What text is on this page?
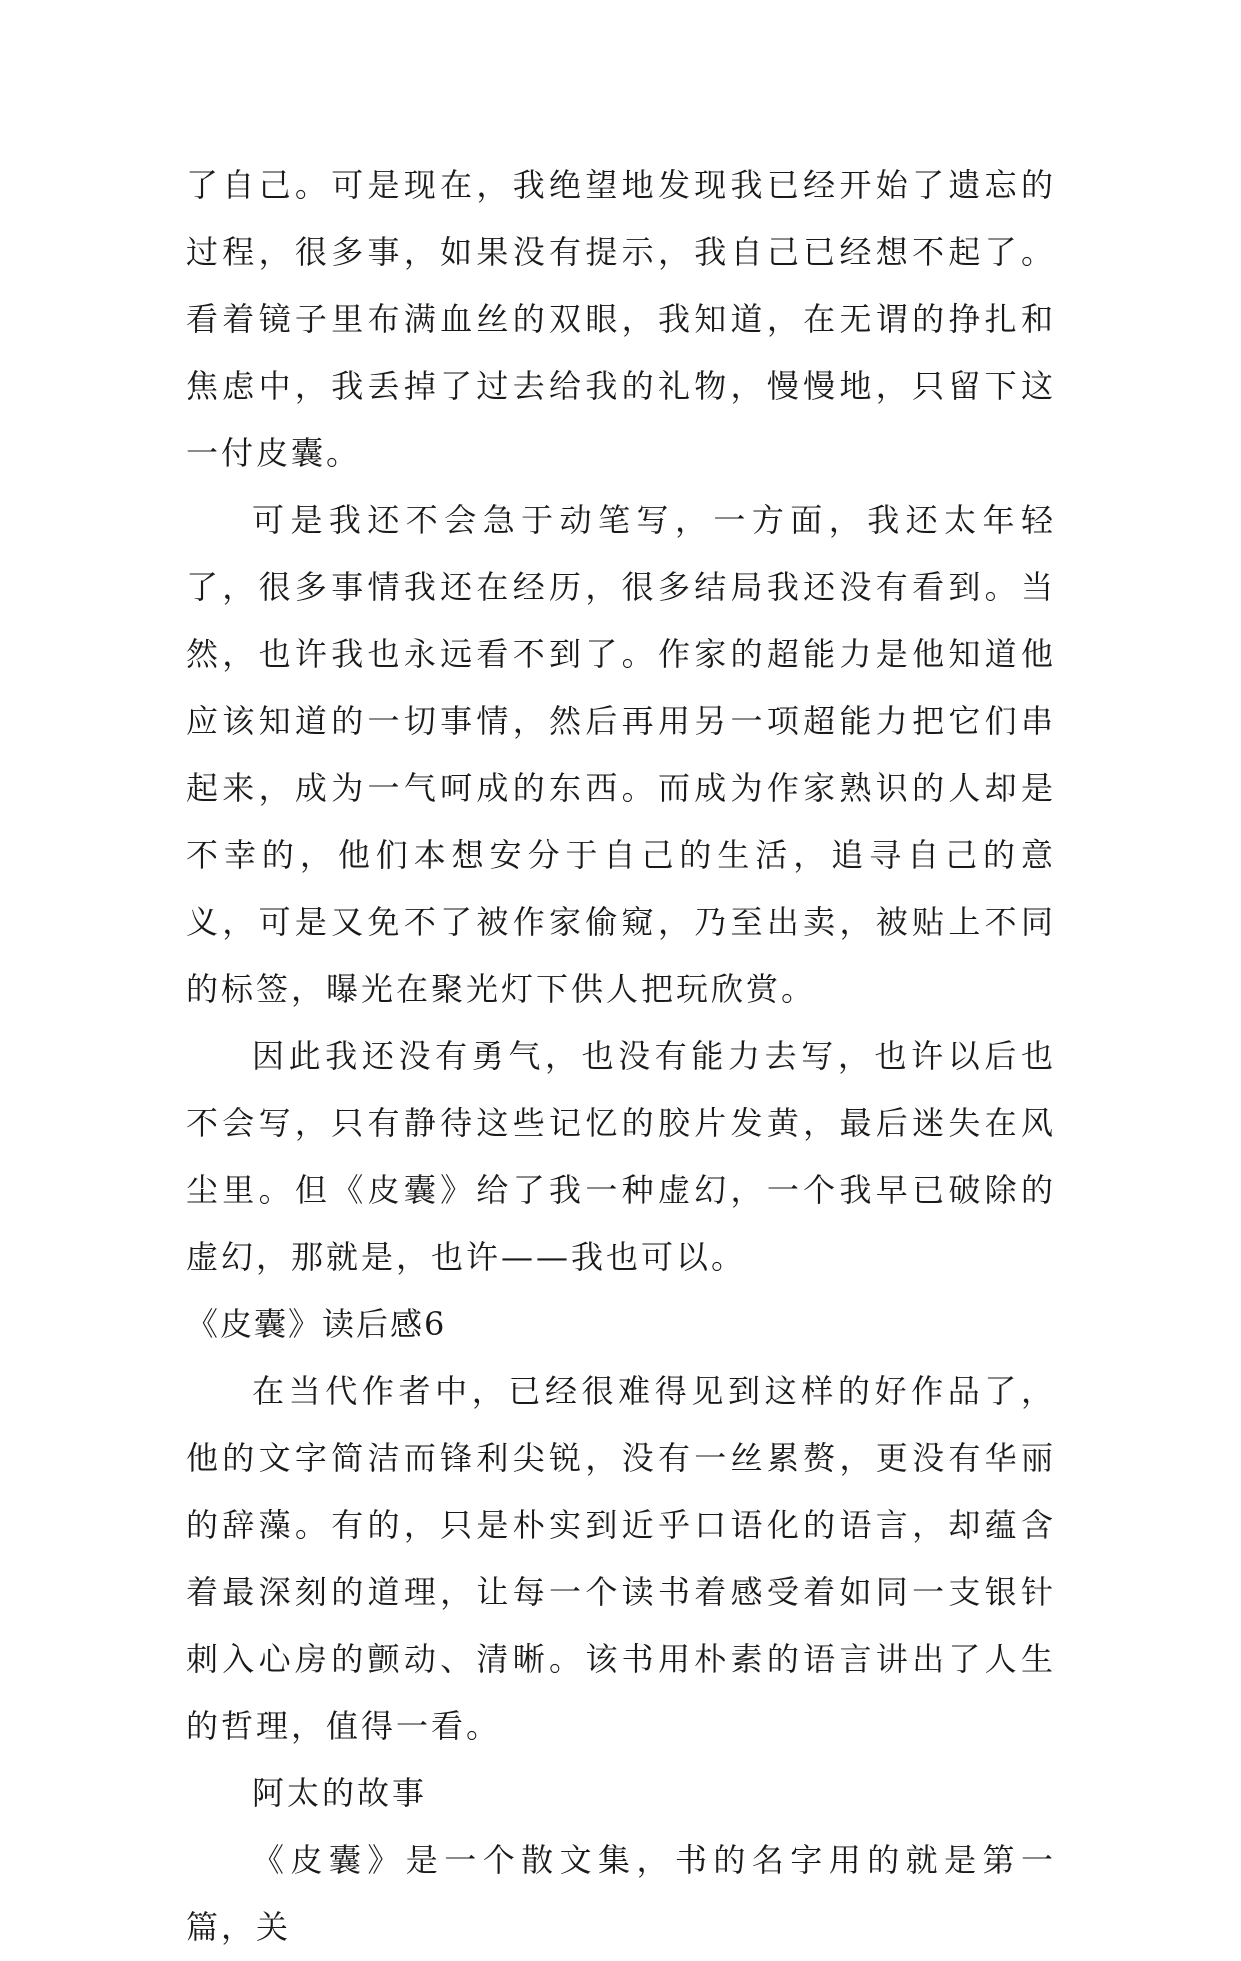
了自己。可是现在，我绝望地发现我已经开始了遗忘的过程，很多事，如果没有提示，我自己已经想不起了。看着镜子里布满血丝的双眼，我知道，在无谓的挣扎和焦虑中，我丢掉了过去给我的礼物，慢慢地，只留下这一付皮囊。

可是我还不会急于动笔写，一方面，我还太年轻了，很多事情我还在经历，很多结局我还没有看到。当然，也许我也永远看不到了。作家的超能力是他知道他应该知道的一切事情，然后再用另一项超能力把它们串起来，成为一气呵成的东西。而成为作家熟识的人却是不幸的，他们本想安分于自己的生活，追寻自己的意义，可是又免不了被作家偷窥，乃至出卖，被贴上不同的标签，曝光在聚光灯下供人把玩欣赏。

因此我还没有勇气，也没有能力去写，也许以后也不会写，只有静待这些记忆的胶片发黄，最后迷失在风尘里。但《皮囊》给了我一种虚幻，一个我早已破除的虚幻，那就是，也许——我也可以。

《皮囊》读后感6

在当代作者中，已经很难得见到这样的好作品了，他的文字简洁而锋利尖锐，没有一丝累赘，更没有华丽的辞藻。有的，只是朴实到近乎口语化的语言，却蕴含着最深刻的道理，让每一个读书着感受着如同一支银针刺入心房的颤动、清晰。该书用朴素的语言讲出了人生的哲理，值得一看。

阿太的故事

《皮囊》是一个散文集，书的名字用的就是第一篇，关
